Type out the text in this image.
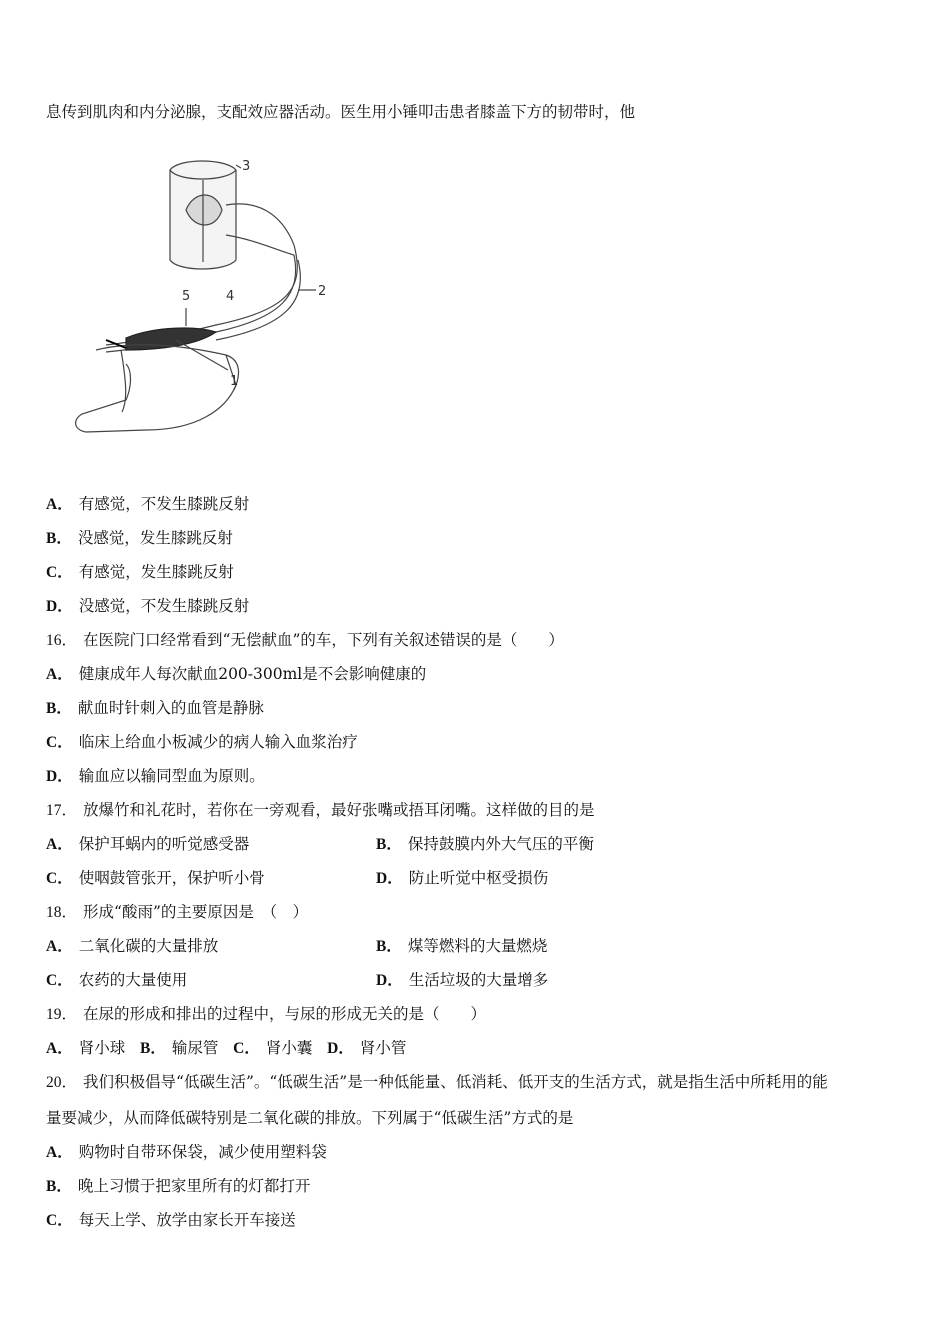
息传到肌肉和内分泌腺，支配效应器活动。医生用小锤叩击患者膝盖下方的韧带时，他
3
2
5	4
1
A． 有感觉，不发生膝跳反射
B． 没感觉，发生膝跳反射
C． 有感觉，发生膝跳反射
D． 没感觉，不发生膝跳反射
16． 在医院门口经常看到“无偿献血”的车，下列有关叙述错误的是（　　）
A． 健康成年人每次献血200-300ml是不会影响健康的
B． 献血时针刺入的血管是静脉
C． 临床上给血小板减少的病人输入血浆治疗
D． 输血应以输同型血为原则。
17． 放爆竹和礼花时，若你在一旁观看，最好张嘴或捂耳闭嘴。这样做的目的是
A． 保护耳蜗内的听觉感受器	B． 保持鼓膜内外大气压的平衡
C． 使咽鼓管张开，保护听小骨	D． 防止听觉中枢受损伤
18． 形成“酸雨”的主要原因是　（　）
A． 二氧化碳的大量排放	B． 煤等燃料的大量燃烧
C． 农药的大量使用	D． 生活垃圾的大量增多
19． 在尿的形成和排出的过程中，与尿的形成无关的是（　　）
A． 肾小球 B． 输尿管 C． 肾小囊 D． 肾小管
20． 我们积极倡导“低碳生活”。“低碳生活”是一种低能量、低消耗、低开支的生活方式，就是指生活中所耗用的能
量要减少，从而降低碳特别是二氧化碳的排放。下列属于“低碳生活”方式的是
A． 购物时自带环保袋，减少使用塑料袋
B． 晚上习惯于把家里所有的灯都打开
C． 每天上学、放学由家长开车接送
